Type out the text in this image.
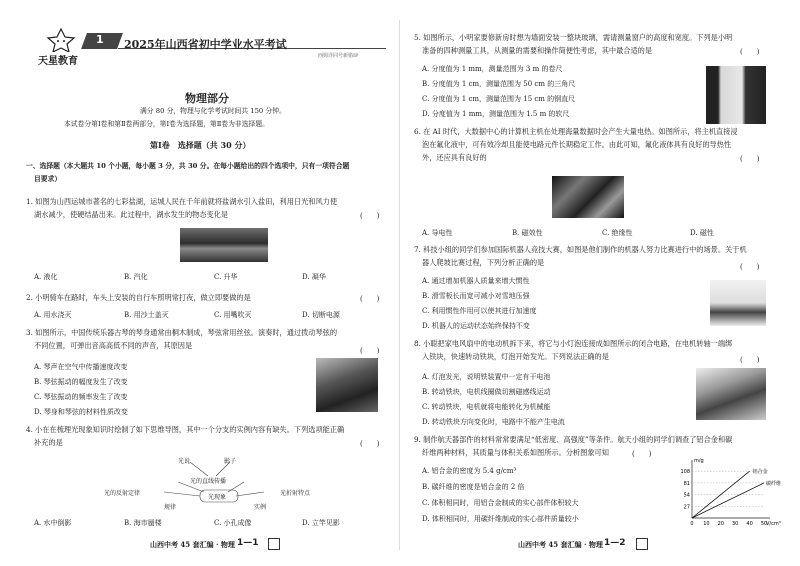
天星教育
1 2025年山西省初中学业水平考试
西姆详同号新错IP
物理部分
满分 80 分，物理与化学考试时间共 150 分钟。
本试卷分第Ⅰ卷和第Ⅱ卷两部分，第Ⅰ卷为选择题，第Ⅱ卷为非选择题。
第Ⅰ卷　选择题（共 30 分）
一、选择题（本大题共 10 个小题，每小题 3 分，共 30 分。在每小题给出的四个选项中，只有一项符合题
目要求）
1. 如图为山西运城市著名的七彩盐湖，运城人民在千年前就将盐湖水引入盐田，利用日光和风力使
湖水减少，使硬结晶出来。此过程中，湖水发生的物态变化是	(　　)
A. 液化	B. 汽化	C. 升华	D. 凝华
2. 小明骑车在路时，车头上安装的自行车照明常打夜，做立即要做的是	(　　)
A. 用水浇灭	B. 用沙土盖灭	C. 用嘴吹灭	D. 切断电源
3. 如图所示，中国传统乐器古琴的琴身通常由桐木制成，琴弦常用丝弦。演奏时，通过拨动琴弦的
不同位置，可弹出音高高低不同的声音，其原因是
(　　)
A. 琴声在空气中传播速度改变
B. 琴弦振动的幅度发生了改变
C. 琴弦振动的频率发生了改变
D. 琴身和琴弦的材料性质改变
4. 小在在梳理光现象知识时绘制了如下思维导图，其中一个分支的实例内容有缺失。下列选项能正确
补充的是	(　　)
光说	影子
光的直线传播
光的反射定律
光现象
光折射特点
规律	实例
A. 水中倒影	B. 海市蜃楼	C. 小孔成像	D. 立竿见影
山西中考 45 套汇编 · 物理 1—1
5. 如图所示，小明家要修新房时想为墙面安装一整块玻璃，需请测量窗户的高度和宽度。下列是小明
准备的四种测量工具，从测量的需要和操作简便性考虑，其中最合适的是	(　　)
A. 分度值为 1 mm，测量范围为 3 m 的卷尺
B. 分度值为 1 cm，测量范围为 50 cm 的三角尺
C. 分度值为 1 cm，测量范围为 15 cm 的钢直尺
D. 分度值为 1 mm，测量范围为 1.5 m 的软尺
6. 在 AI 时代，大数据中心的计算机主机在处理海量数据时会产生大量电热。如图所示，将主机直接浸
泡在氟化液中，可有效冷却且能使电路元件长期稳定工作。由此可知，氟化液体具有良好的导热性
外，还应具有良好的	(　　)
A. 导电性	B. 磁效性	C. 绝缘性	D. 磁性
7. 科技小组的同学们参加国际机器人竞技大赛，如图是他们制作的机器人努力比赛进行中的场景。关于机
器人爬坡比赛过程，下列分析正确的是	(　　)
A. 通过增加机器人质量来增大惯性
B. 滑雪板长而宽可减小对雪地压强
C. 利用惯性作用可以使其进行加速度
D. 机器人的运动状态始终保持不变
8. 小聪把家电风扇中的电动机拆下来，将它与小灯泡连接成如图所示的闭合电路，在电机转轴一端绑
入铁块，快速转动铁块，灯泡开始发光。下列说法正确的是	(　　)
A. 灯泡发光，说明铁装置中一定有干电池
B. 转动铁块，电机线圈做切割磁感线运动
C. 转动铁块，电机就将电能转化为机械能
D. 转动铁块方向变化时，电路中不能产生电流
9. 制作航天器部件的材料常常要满足“低密度、高强度”等条件。航天小组的同学们调查了铝合金和碳
纤维两种材料，其质量与体积关系如图所示。分析图象可知	(　　)
A. 铝合金的密度为 5.4 g/cm³
B. 碳纤维的密度是铝合金的 2 倍
C. 体积相同时，用铝合金制成的实心部件体积较大
D. 体积相同时，用碳纤维制成的实心部件质量较小
27
54
81
108
0 10 20 30 40 50
m/g
V/cm³
铝合金
碳纤维
山西中考 45 套汇编 · 物理 1—2
